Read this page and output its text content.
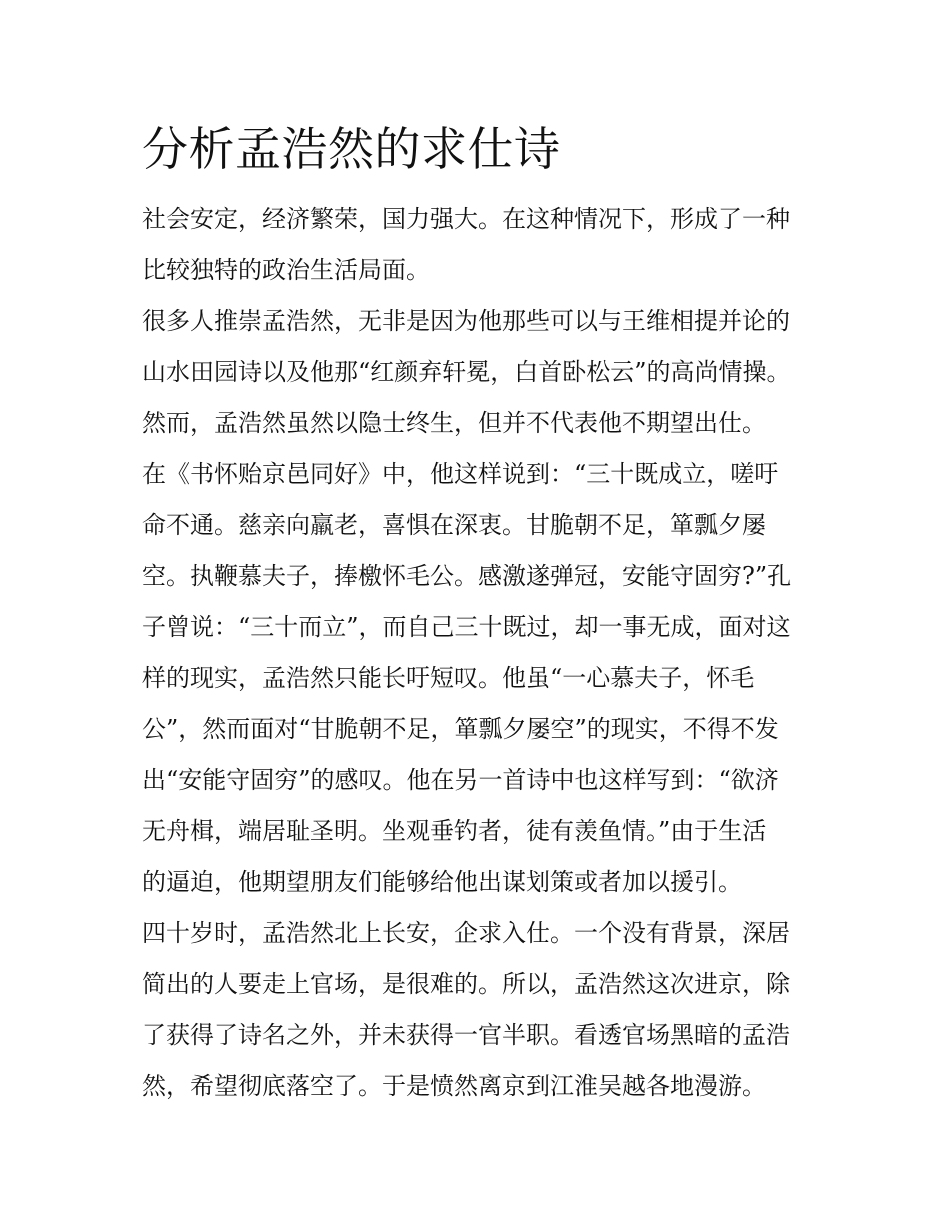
分析孟浩然的求仕诗

社会安定，经济繁荣，国力强大。在这种情况下，形成了一种
比较独特的政治生活局面。

很多人推崇孟浩然，无非是因为他那些可以与王维相提并论的
山水田园诗以及他那“红颜弃轩冕，白首卧松云”的高尚情操。

然而，孟浩然虽然以隐士终生，但并不代表他不期望出仕。

在《书怀贻京邑同好》中，他这样说到：“三十既成立，嗟吁
命不通。慈亲向羸老，喜惧在深衷。甘脆朝不足，箪瓢夕屡
空。执鞭慕夫子，捧檄怀毛公。感激遂弹冠，安能守固穷?”孔
子曾说：“三十而立”，而自己三十既过，却一事无成，面对这
样的现实，孟浩然只能长吁短叹。他虽“一心慕夫子，怀毛
公”，然而面对“甘脆朝不足，箪瓢夕屡空”的现实，不得不发
出“安能守固穷”的感叹。他在另一首诗中也这样写到：“欲济
无舟楫，端居耻圣明。坐观垂钓者，徒有羡鱼情。”由于生活
的逼迫，他期望朋友们能够给他出谋划策或者加以援引。

四十岁时，孟浩然北上长安，企求入仕。一个没有背景，深居
简出的人要走上官场，是很难的。所以，孟浩然这次进京，除
了获得了诗名之外，并未获得一官半职。看透官场黑暗的孟浩
然，希望彻底落空了。于是愤然离京到江淮吴越各地漫游。
